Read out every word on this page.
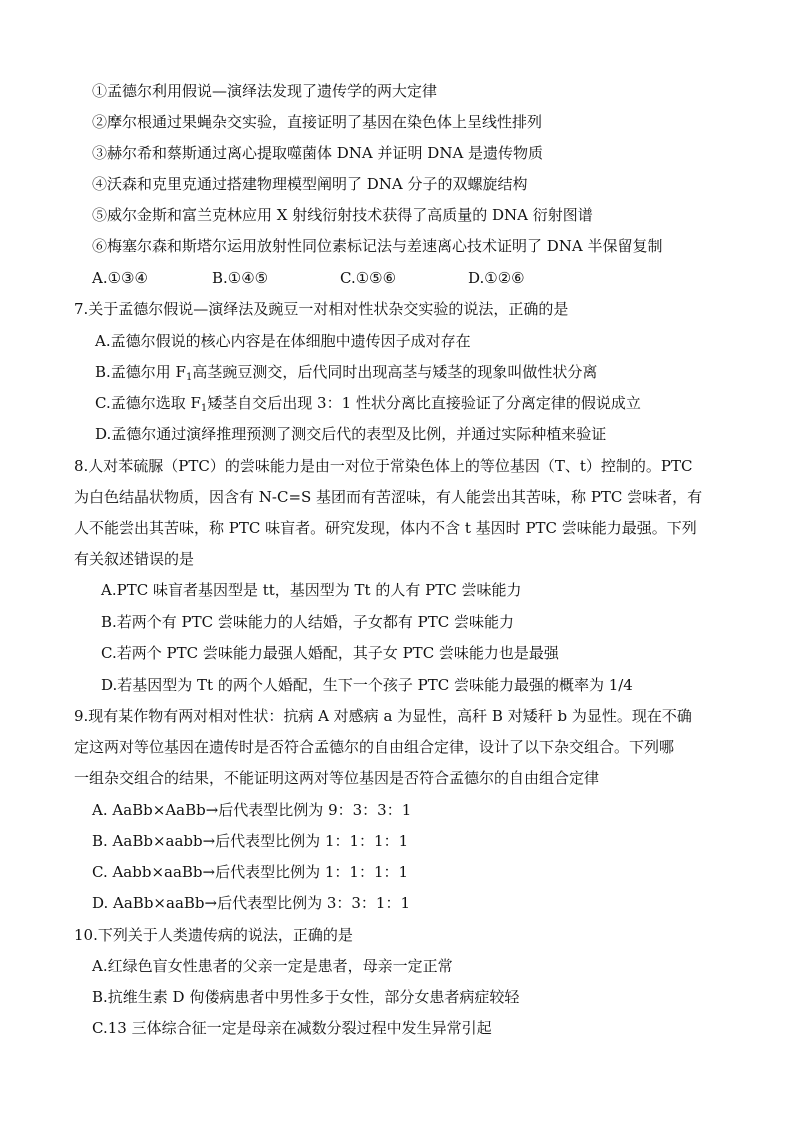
①孟德尔利用假说—演绎法发现了遗传学的两大定律
②摩尔根通过果蝇杂交实验，直接证明了基因在染色体上呈线性排列
③赫尔希和蔡斯通过离心提取噬菌体 DNA 并证明 DNA 是遗传物质
④沃森和克里克通过搭建物理模型阐明了 DNA 分子的双螺旋结构
⑤威尔金斯和富兰克林应用 X 射线衍射技术获得了高质量的 DNA 衍射图谱
⑥梅塞尔森和斯塔尔运用放射性同位素标记法与差速离心技术证明了 DNA 半保留复制
A.①③④	B.①④⑤	C.①⑤⑥	D.①②⑥
7.关于孟德尔假说—演绎法及豌豆一对相对性状杂交实验的说法，正确的是
A.孟德尔假说的核心内容是在体细胞中遗传因子成对存在
B.孟德尔用 $F_1$高茎豌豆测交，后代同时出现高茎与矮茎的现象叫做性状分离
C.孟德尔选取 $F_1$矮茎自交后出现 3：1 性状分离比直接验证了分离定律的假说成立
D.孟德尔通过演绎推理预测了测交后代的表型及比例，并通过实际种植来验证
8.人对苯硫脲（PTC）的尝味能力是由一对位于常染色体上的等位基因（T、t）控制的。PTC
为白色结晶状物质，因含有 N-C=S 基团而有苦涩味，有人能尝出其苦味，称 PTC 尝味者，有
人不能尝出其苦味，称 PTC 味盲者。研究发现，体内不含 t 基因时 PTC 尝味能力最强。下列
有关叙述错误的是
A.PTC 味盲者基因型是 tt，基因型为 Tt 的人有 PTC 尝味能力
B.若两个有 PTC 尝味能力的人结婚，子女都有 PTC 尝味能力
C.若两个 PTC 尝味能力最强人婚配，其子女 PTC 尝味能力也是最强
D.若基因型为 Tt 的两个人婚配，生下一个孩子 PTC 尝味能力最强的概率为 1/4
9.现有某作物有两对相对性状：抗病 A 对感病 a 为显性，高秆 B 对矮秆 b 为显性。现在不确
定这两对等位基因在遗传时是否符合孟德尔的自由组合定律，设计了以下杂交组合。下列哪
一组杂交组合的结果，不能证明这两对等位基因是否符合孟德尔的自由组合定律
A. AaBb×AaBb→后代表型比例为 9：3：3：1
B. AaBb×aabb→后代表型比例为 1：1：1：1
C. Aabb×aaBb→后代表型比例为 1：1：1：1
D. AaBb×aaBb→后代表型比例为 3：3：1：1
10.下列关于人类遗传病的说法，正确的是
A.红绿色盲女性患者的父亲一定是患者，母亲一定正常
B.抗维生素 D 佝偻病患者中男性多于女性，部分女患者病症较轻
C.13 三体综合征一定是母亲在减数分裂过程中发生异常引起
